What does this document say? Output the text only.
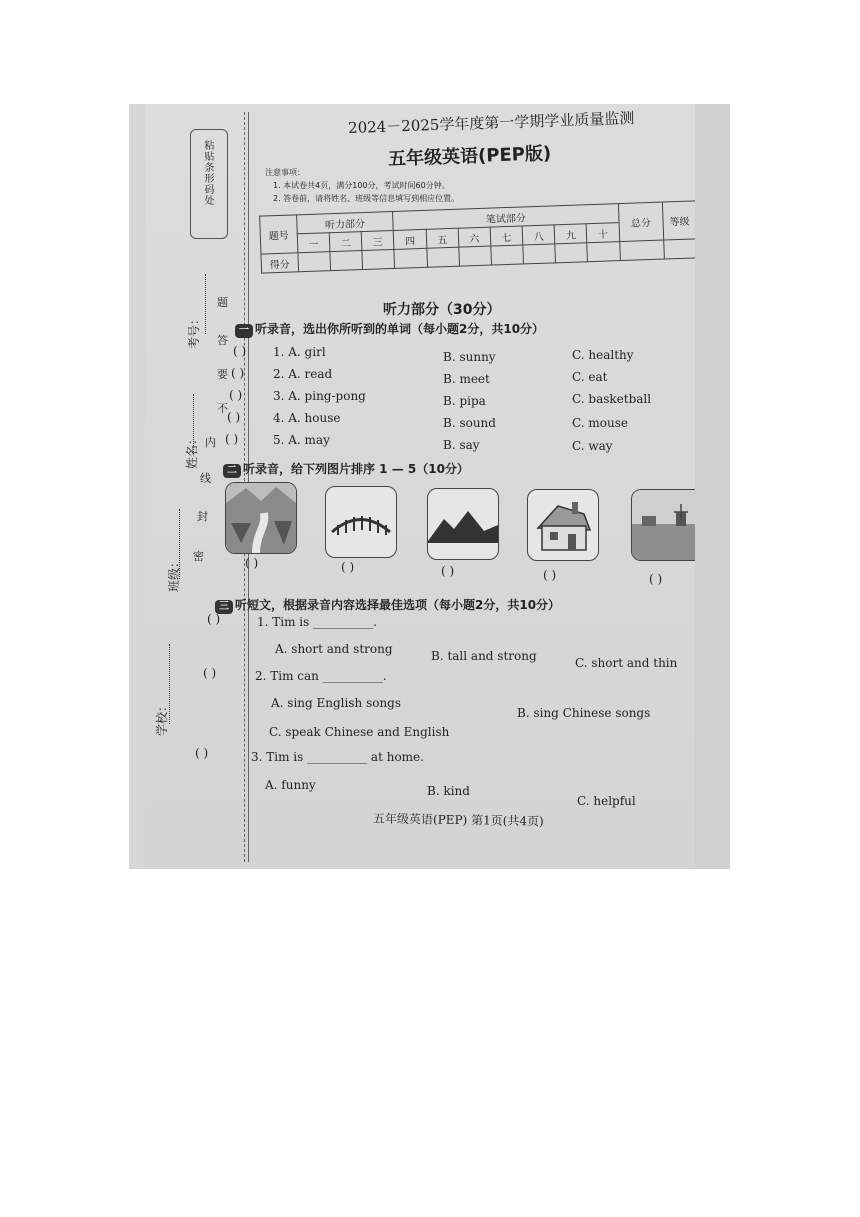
粘贴条形码处
题
答
要
不
内
线
封
密
考号：
姓名：
班级：
学校：
2024－2025学年度第一学期学业质量监测
五年级英语(PEP版)
注意事项：
1. 本试卷共4页，满分100分，考试时间60分钟。
2. 答卷前，请将姓名、班级等信息填写到相应位置。
题号	听力部分			笔试部分							总分	等级
	一	二	三	四	五	六	七	八	九	十		
得分												
听力部分（30分）
一 听录音，选出你所听到的单词（每小题2分，共10分）
( ) 1. A. girl	B. sunny	C. healthy
( ) 2. A. read	B. meet	C. eat
( )	3. A. ping-pong	B. pipa	C. basketball
( )	4. A. house	B. sound	C. mouse
( )	5. A. may	B. say	C. way
二 听录音，给下列图片排序 1 — 5（10分）
( )	( )	( )	( )	( )
三 听短文，根据录音内容选择最佳选项（每小题2分，共10分）
( )	1. Tim is __________.
A. short and strong	B. tall and strong	C. short and thin
( )	2. Tim can __________.
A. sing English songs
B. sing Chinese songs
C. speak Chinese and English
( )	3. Tim is __________ at home.
A. funny	B. kind
C. helpful
五年级英语(PEP) 第1页(共4页)
